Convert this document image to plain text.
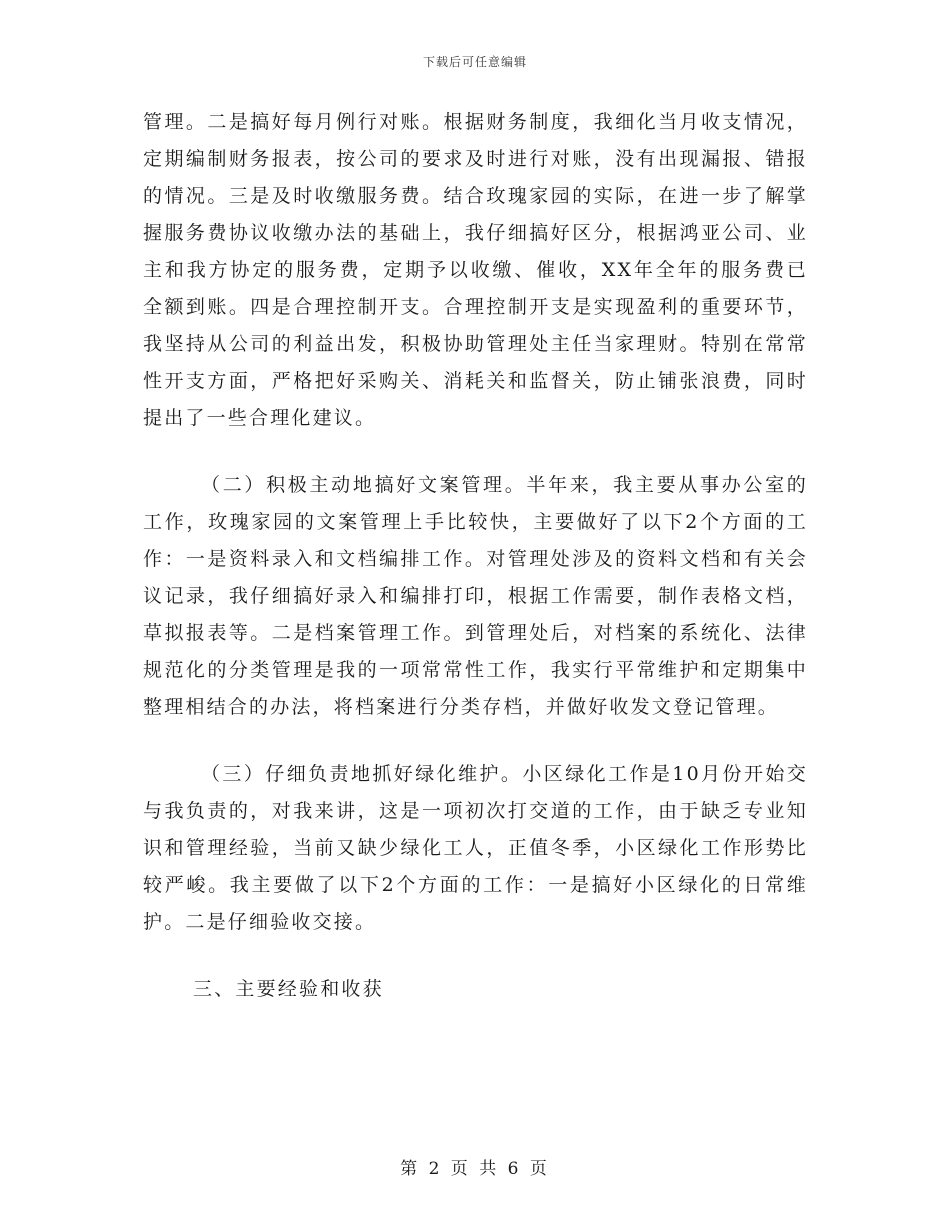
下载后可任意编辑

管理。二是搞好每月例行对账。根据财务制度，我细化当月收支情况，定期编制财务报表，按公司的要求及时进行对账，没有出现漏报、错报的情况。三是及时收缴服务费。结合玫瑰家园的实际，在进一步了解掌握服务费协议收缴办法的基础上，我仔细搞好区分，根据鸿亚公司、业主和我方协定的服务费，定期予以收缴、催收，XX年全年的服务费已全额到账。四是合理控制开支。合理控制开支是实现盈利的重要环节，我坚持从公司的利益出发，积极协助管理处主任当家理财。特别在常常性开支方面，严格把好采购关、消耗关和监督关，防止铺张浪费，同时提出了一些合理化建议。

（二）积极主动地搞好文案管理。半年来，我主要从事办公室的工作，玫瑰家园的文案管理上手比较快，主要做好了以下2个方面的工作：一是资料录入和文档编排工作。对管理处涉及的资料文档和有关会议记录，我仔细搞好录入和编排打印，根据工作需要，制作表格文档，草拟报表等。二是档案管理工作。到管理处后，对档案的系统化、法律规范化的分类管理是我的一项常常性工作，我实行平常维护和定期集中整理相结合的办法，将档案进行分类存档，并做好收发文登记管理。

（三）仔细负责地抓好绿化维护。小区绿化工作是10月份开始交与我负责的，对我来讲，这是一项初次打交道的工作，由于缺乏专业知识和管理经验，当前又缺少绿化工人，正值冬季，小区绿化工作形势比较严峻。我主要做了以下2个方面的工作：一是搞好小区绿化的日常维护。二是仔细验收交接。

三、主要经验和收获

第 2 页 共 6 页
